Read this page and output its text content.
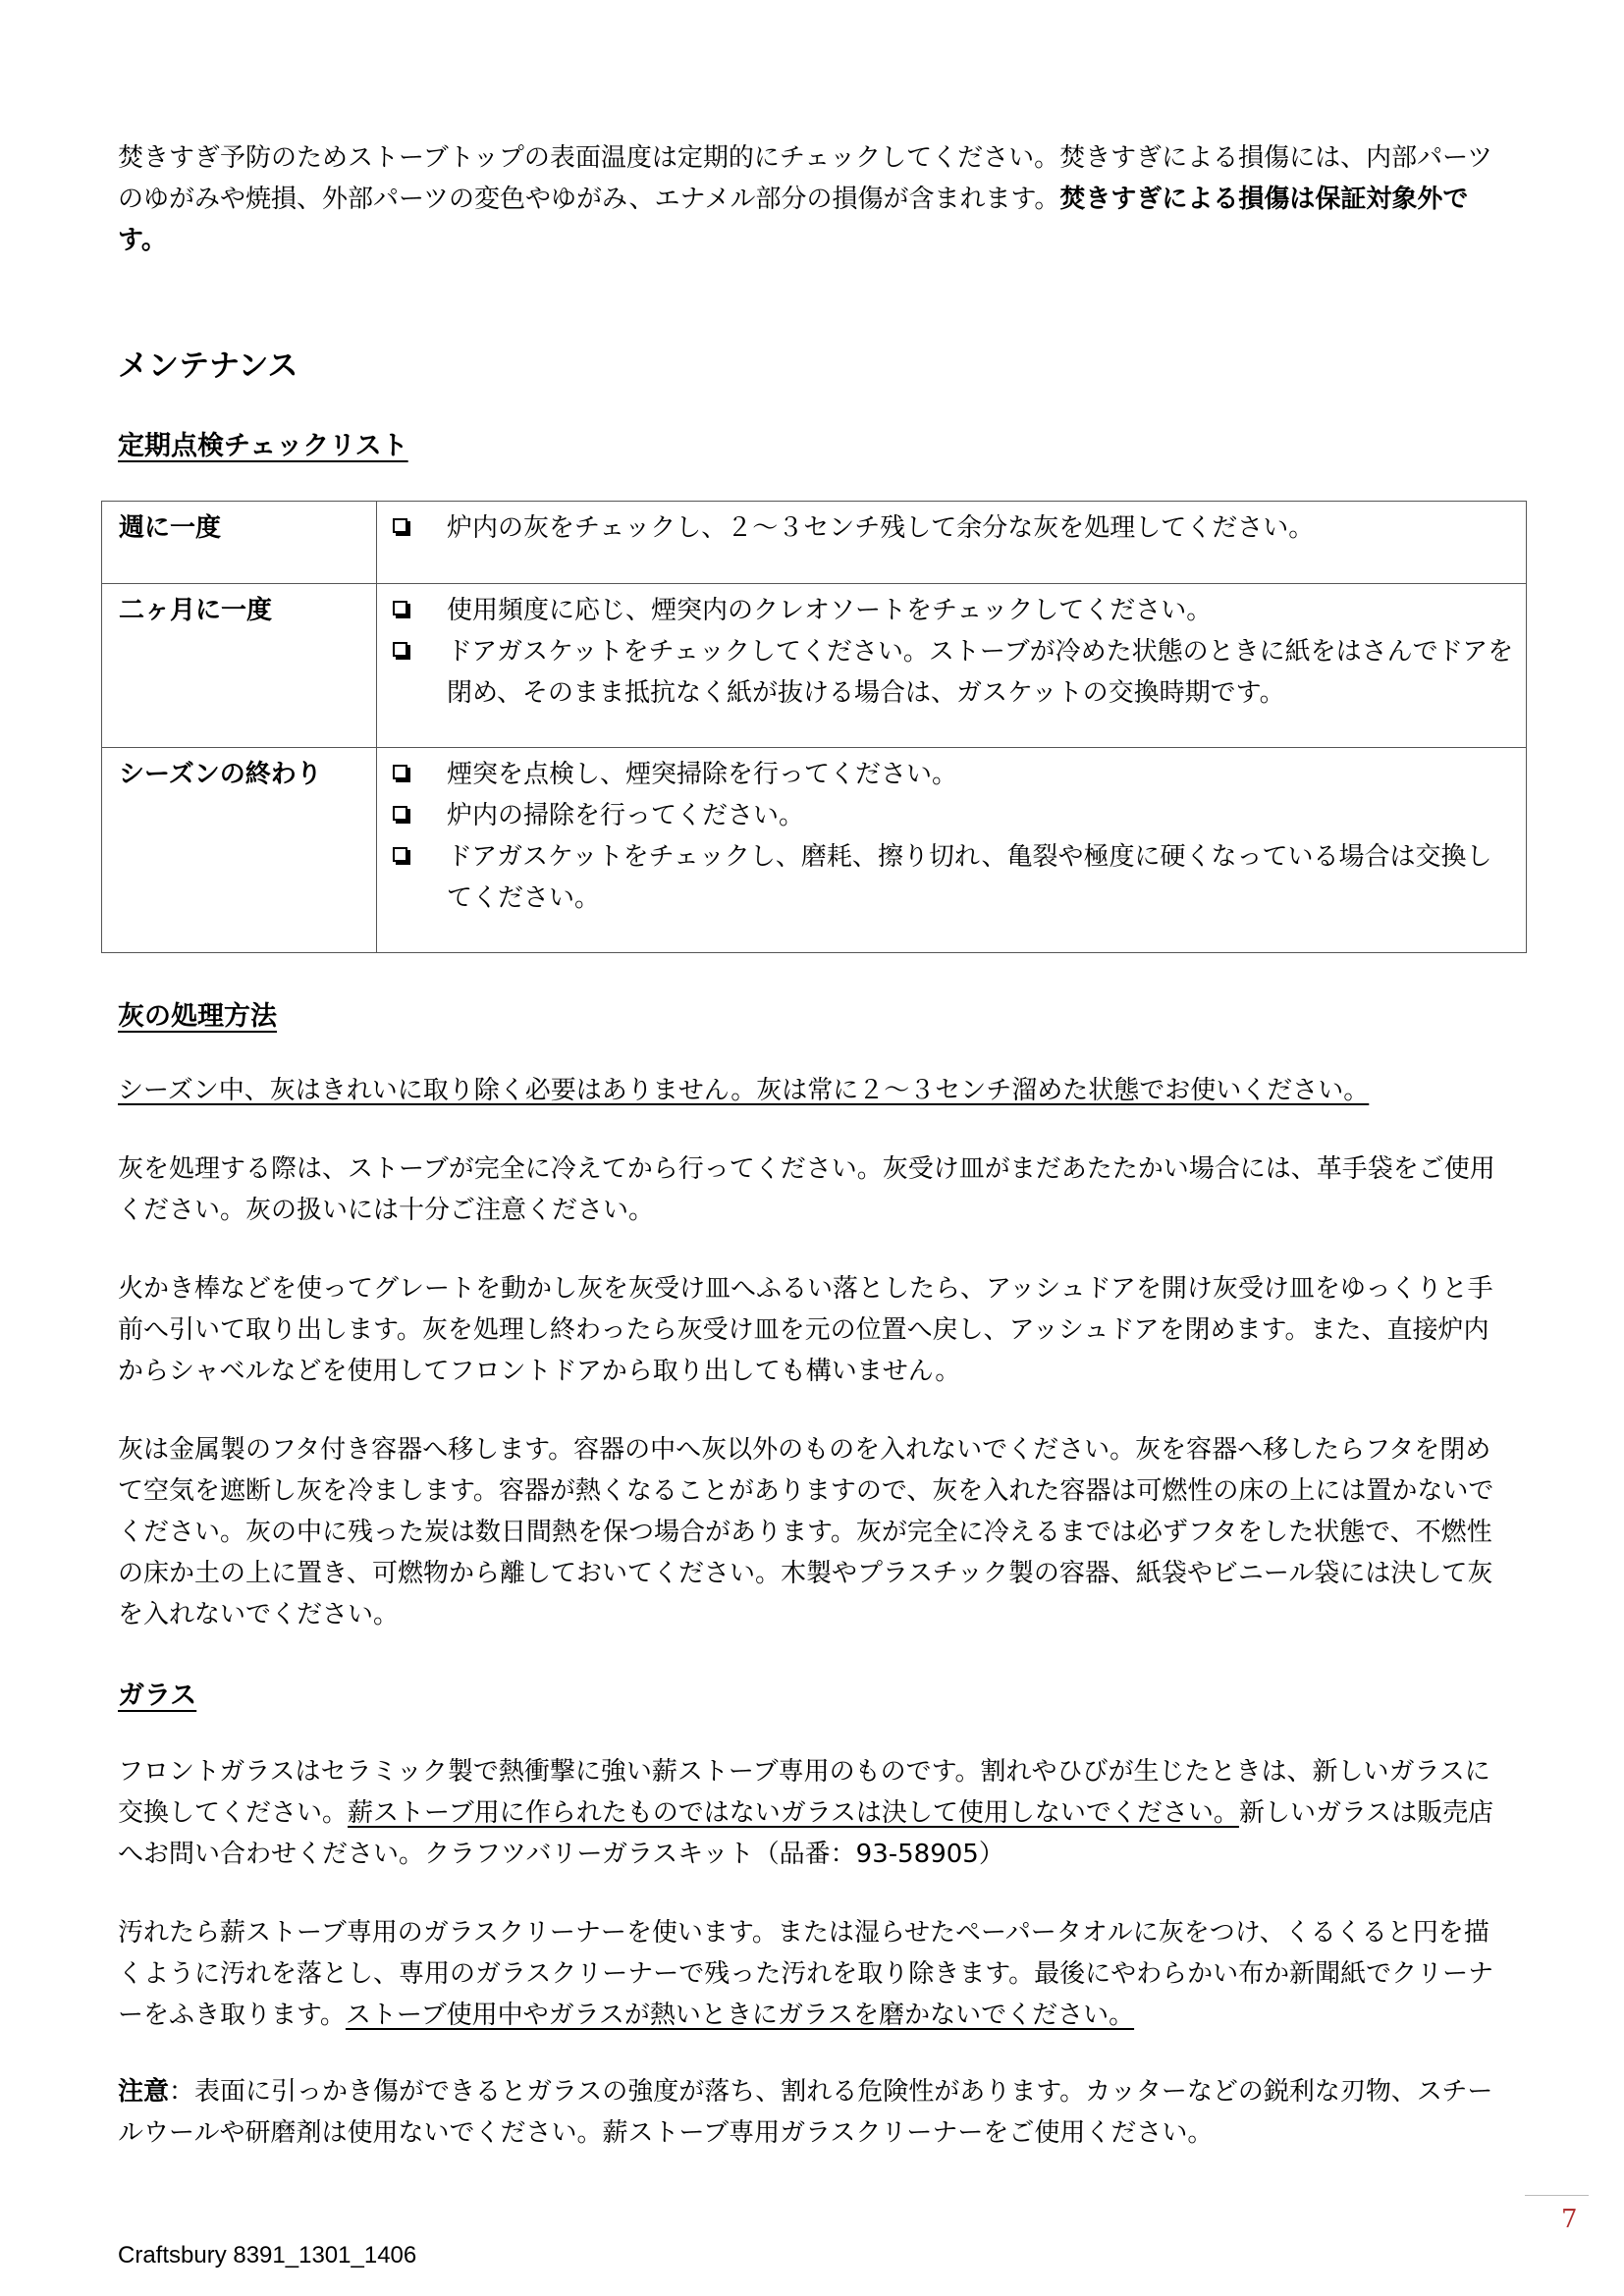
焚きすぎ予防のためストーブトップの表面温度は定期的にチェックしてください。焚きすぎによる損傷には、内部パーツのゆがみや焼損、外部パーツの変色やゆがみ、エナメル部分の損傷が含まれます。焚きすぎによる損傷は保証対象外です。

メンテナンス
定期点検チェックリスト
週に一度	炉内の灰をチェックし、２～３センチ残して余分な灰を処理してください。

二ヶ月に一度	使用頻度に応じ、煙突内のクレオソートをチェックしてください。
ドアガスケットをチェックしてください。ストーブが冷めた状態のときに紙をはさんでドアを閉め、そのまま抵抗なく紙が抜ける場合は、ガスケットの交換時期です。

シーズンの終わり	煙突を点検し、煙突掃除を行ってください。
炉内の掃除を行ってください。
ドアガスケットをチェックし、磨耗、擦り切れ、亀裂や極度に硬くなっている場合は交換してください。
灰の処理方法

シーズン中、灰はきれいに取り除く必要はありません。灰は常に２～３センチ溜めた状態でお使いください。

灰を処理する際は、ストーブが完全に冷えてから行ってください。灰受け皿がまだあたたかい場合には、革手袋をご使用ください。灰の扱いには十分ご注意ください。

火かき棒などを使ってグレートを動かし灰を灰受け皿へふるい落としたら、アッシュドアを開け灰受け皿をゆっくりと手前へ引いて取り出します。灰を処理し終わったら灰受け皿を元の位置へ戻し、アッシュドアを閉めます。また、直接炉内からシャベルなどを使用してフロントドアから取り出しても構いません。

灰は金属製のフタ付き容器へ移します。容器の中へ灰以外のものを入れないでください。灰を容器へ移したらフタを閉めて空気を遮断し灰を冷まします。容器が熱くなることがありますので、灰を入れた容器は可燃性の床の上には置かないでください。灰の中に残った炭は数日間熱を保つ場合があります。灰が完全に冷えるまでは必ずフタをした状態で、不燃性の床か土の上に置き、可燃物から離しておいてください。木製やプラスチック製の容器、紙袋やビニール袋には決して灰を入れないでください。

ガラス

フロントガラスはセラミック製で熱衝撃に強い薪ストーブ専用のものです。割れやひびが生じたときは、新しいガラスに交換してください。薪ストーブ用に作られたものではないガラスは決して使用しないでください。新しいガラスは販売店へお問い合わせください。クラフツバリーガラスキット（品番：93-58905）

汚れたら薪ストーブ専用のガラスクリーナーを使います。または湿らせたペーパータオルに灰をつけ、くるくると円を描くように汚れを落とし、専用のガラスクリーナーで残った汚れを取り除きます。最後にやわらかい布か新聞紙でクリーナーをふき取ります。ストーブ使用中やガラスが熱いときにガラスを磨かないでください。

注意：表面に引っかき傷ができるとガラスの強度が落ち、割れる危険性があります。カッターなどの鋭利な刃物、スチールウールや研磨剤は使用ないでください。薪ストーブ専用ガラスクリーナーをご使用ください。

7
Craftsbury 8391_1301_1406
